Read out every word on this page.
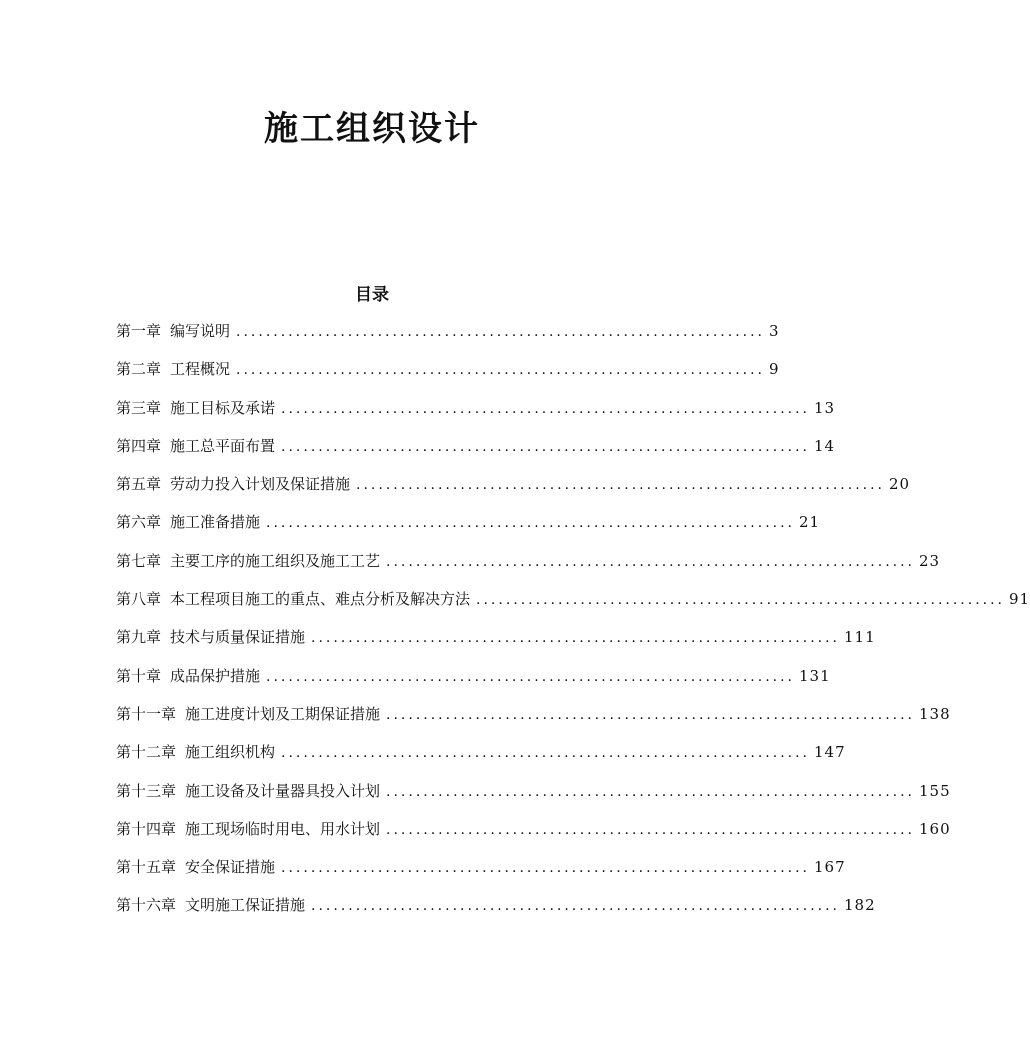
施工组织设计
目录
第一章 编写说明 ....................................................................... 3
第二章 工程概况 ....................................................................... 9
第三章 施工目标及承诺 ....................................................................... 13
第四章 施工总平面布置 ....................................................................... 14
第五章 劳动力投入计划及保证措施 ....................................................................... 20
第六章 施工准备措施 ....................................................................... 21
第七章 主要工序的施工组织及施工工艺 ....................................................................... 23
第八章 本工程项目施工的重点、难点分析及解决方法 ....................................................................... 91
第九章 技术与质量保证措施 ....................................................................... 111
第十章 成品保护措施 ....................................................................... 131
第十一章 施工进度计划及工期保证措施 ....................................................................... 138
第十二章 施工组织机构 ....................................................................... 147
第十三章 施工设备及计量器具投入计划 ....................................................................... 155
第十四章 施工现场临时用电、用水计划 ....................................................................... 160
第十五章 安全保证措施 ....................................................................... 167
第十六章 文明施工保证措施 ....................................................................... 182
